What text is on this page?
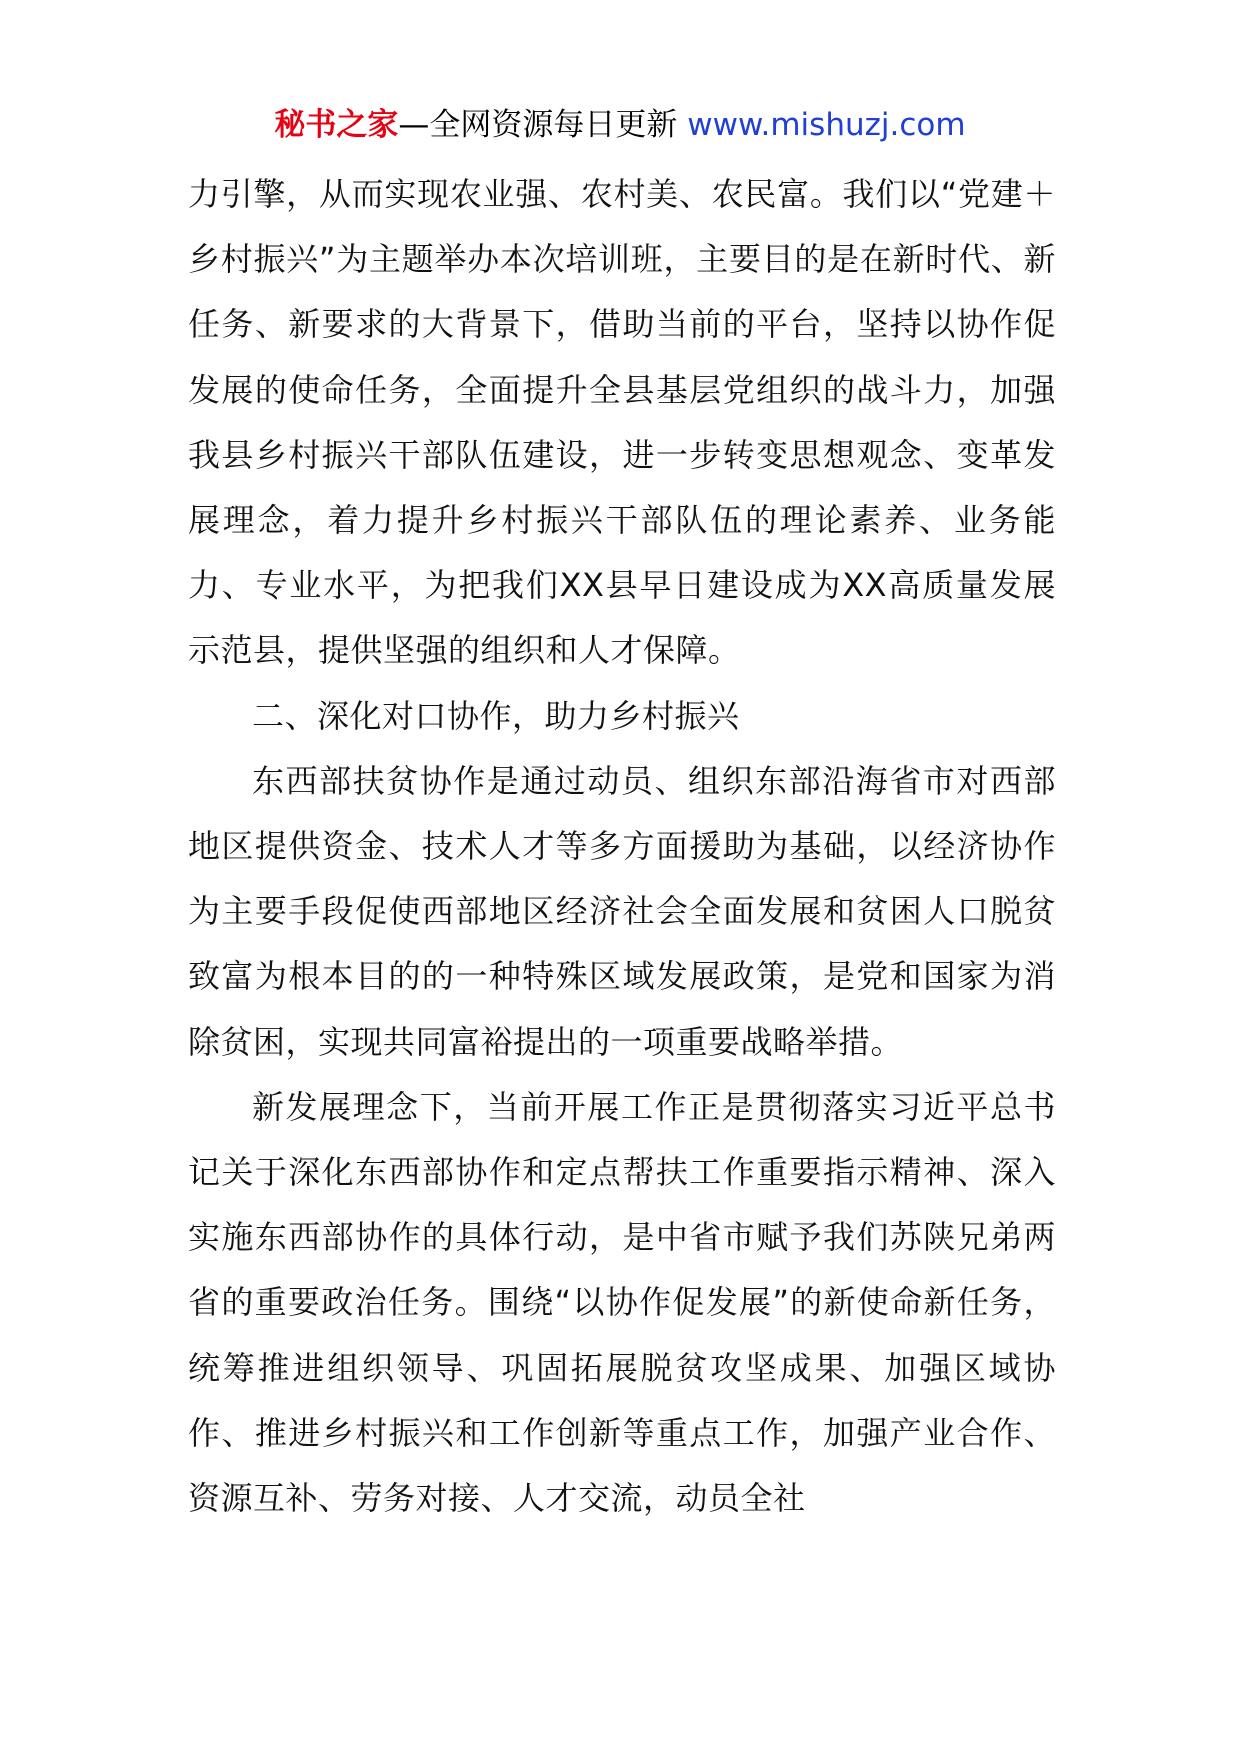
秘书之家—全网资源每日更新 www.mishuzj.com

力引擎，从而实现农业强、农村美、农民富。我们以“党建＋乡村振兴”为主题举办本次培训班，主要目的是在新时代、新任务、新要求的大背景下，借助当前的平台，坚持以协作促发展的使命任务，全面提升全县基层党组织的战斗力，加强我县乡村振兴干部队伍建设，进一步转变思想观念、变革发展理念，着力提升乡村振兴干部队伍的理论素养、业务能力、专业水平，为把我们XX县早日建设成为XX高质量发展示范县，提供坚强的组织和人才保障。

二、深化对口协作，助力乡村振兴

东西部扶贫协作是通过动员、组织东部沿海省市对西部地区提供资金、技术人才等多方面援助为基础，以经济协作为主要手段促使西部地区经济社会全面发展和贫困人口脱贫致富为根本目的的一种特殊区域发展政策，是党和国家为消除贫困，实现共同富裕提出的一项重要战略举措。

新发展理念下，当前开展工作正是贯彻落实习近平总书记关于深化东西部协作和定点帮扶工作重要指示精神、深入实施东西部协作的具体行动，是中省市赋予我们苏陕兄弟两省的重要政治任务。围绕“以协作促发展”的新使命新任务，统筹推进组织领导、巩固拓展脱贫攻坚成果、加强区域协作、推进乡村振兴和工作创新等重点工作，加强产业合作、资源互补、劳务对接、人才交流，动员全社
